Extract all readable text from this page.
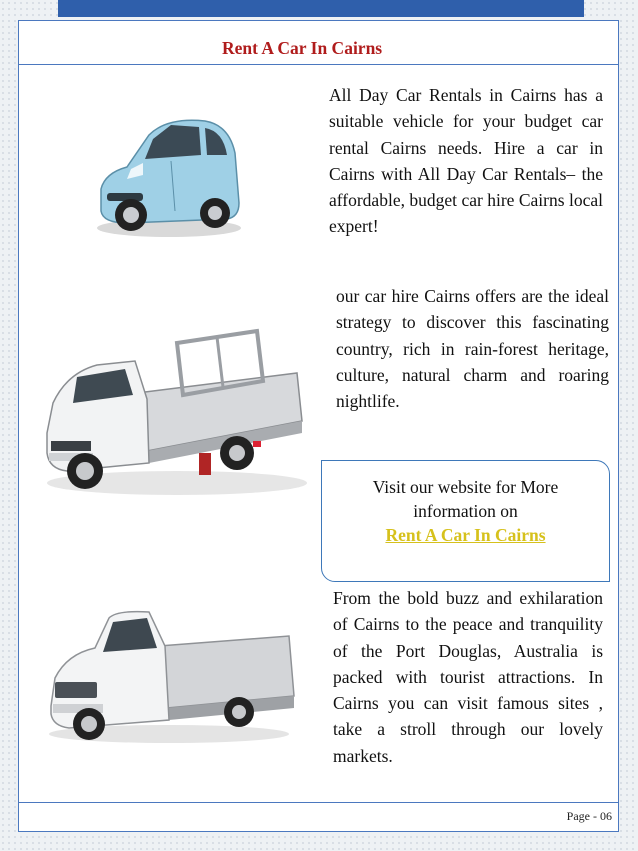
Rent A Car In Cairns

All Day Car Rentals in Cairns has a suitable vehicle for your budget car rental Cairns needs. Hire a car in Cairns with All Day Car Rentals– the affordable, budget car hire Cairns local expert!

our car hire Cairns offers are the ideal strategy to discover this fascinating country, rich in rain-forest heritage, culture, natural charm and roaring nightlife.

Visit our website for More
information on
Rent A Car In Cairns

From the bold buzz and exhilaration of Cairns to the peace and tranquility of the Port Douglas, Australia is packed with tourist attractions. In Cairns you can visit famous sites , take a stroll through our lovely markets.

Page - 06
